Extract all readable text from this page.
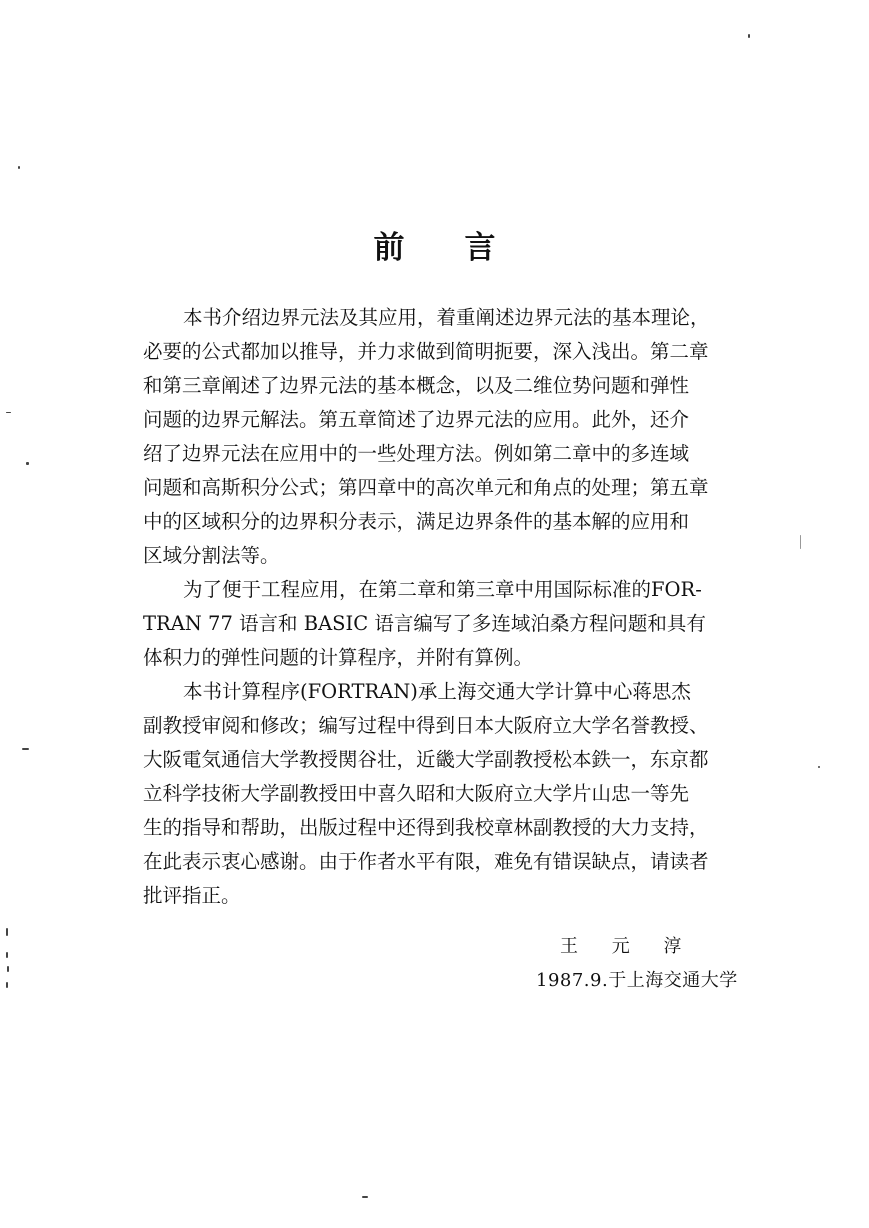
前 言
本书介绍边界元法及其应用，着重阐述边界元法的基本理论，
必要的公式都加以推导，并力求做到简明扼要，深入浅出。第二章
和第三章阐述了边界元法的基本概念，以及二维位势问题和弹性
问题的边界元解法。第五章简述了边界元法的应用。此外，还介
绍了边界元法在应用中的一些处理方法。例如第二章中的多连域
问题和高斯积分公式；第四章中的高次单元和角点的处理；第五章
中的区域积分的边界积分表示，满足边界条件的基本解的应用和
区域分割法等。
为了便于工程应用，在第二章和第三章中用国际标准的FOR-
TRAN 77 语言和 BASIC 语言编写了多连域泊桑方程问题和具有
体积力的弹性问题的计算程序，并附有算例。
本书计算程序(FORTRAN)承上海交通大学计算中心蒋思杰
副教授审阅和修改；编写过程中得到日本大阪府立大学名誉教授、
大阪電気通信大学教授関谷壮，近畿大学副教授松本鉄一，东京都
立科学技術大学副教授田中喜久昭和大阪府立大学片山忠一等先
生的指导和帮助，出版过程中还得到我校章林副教授的大力支持，
在此表示衷心感谢。由于作者水平有限，难免有错误缺点，请读者
批评指正。
王 元 淳
1987.9.于上海交通大学
